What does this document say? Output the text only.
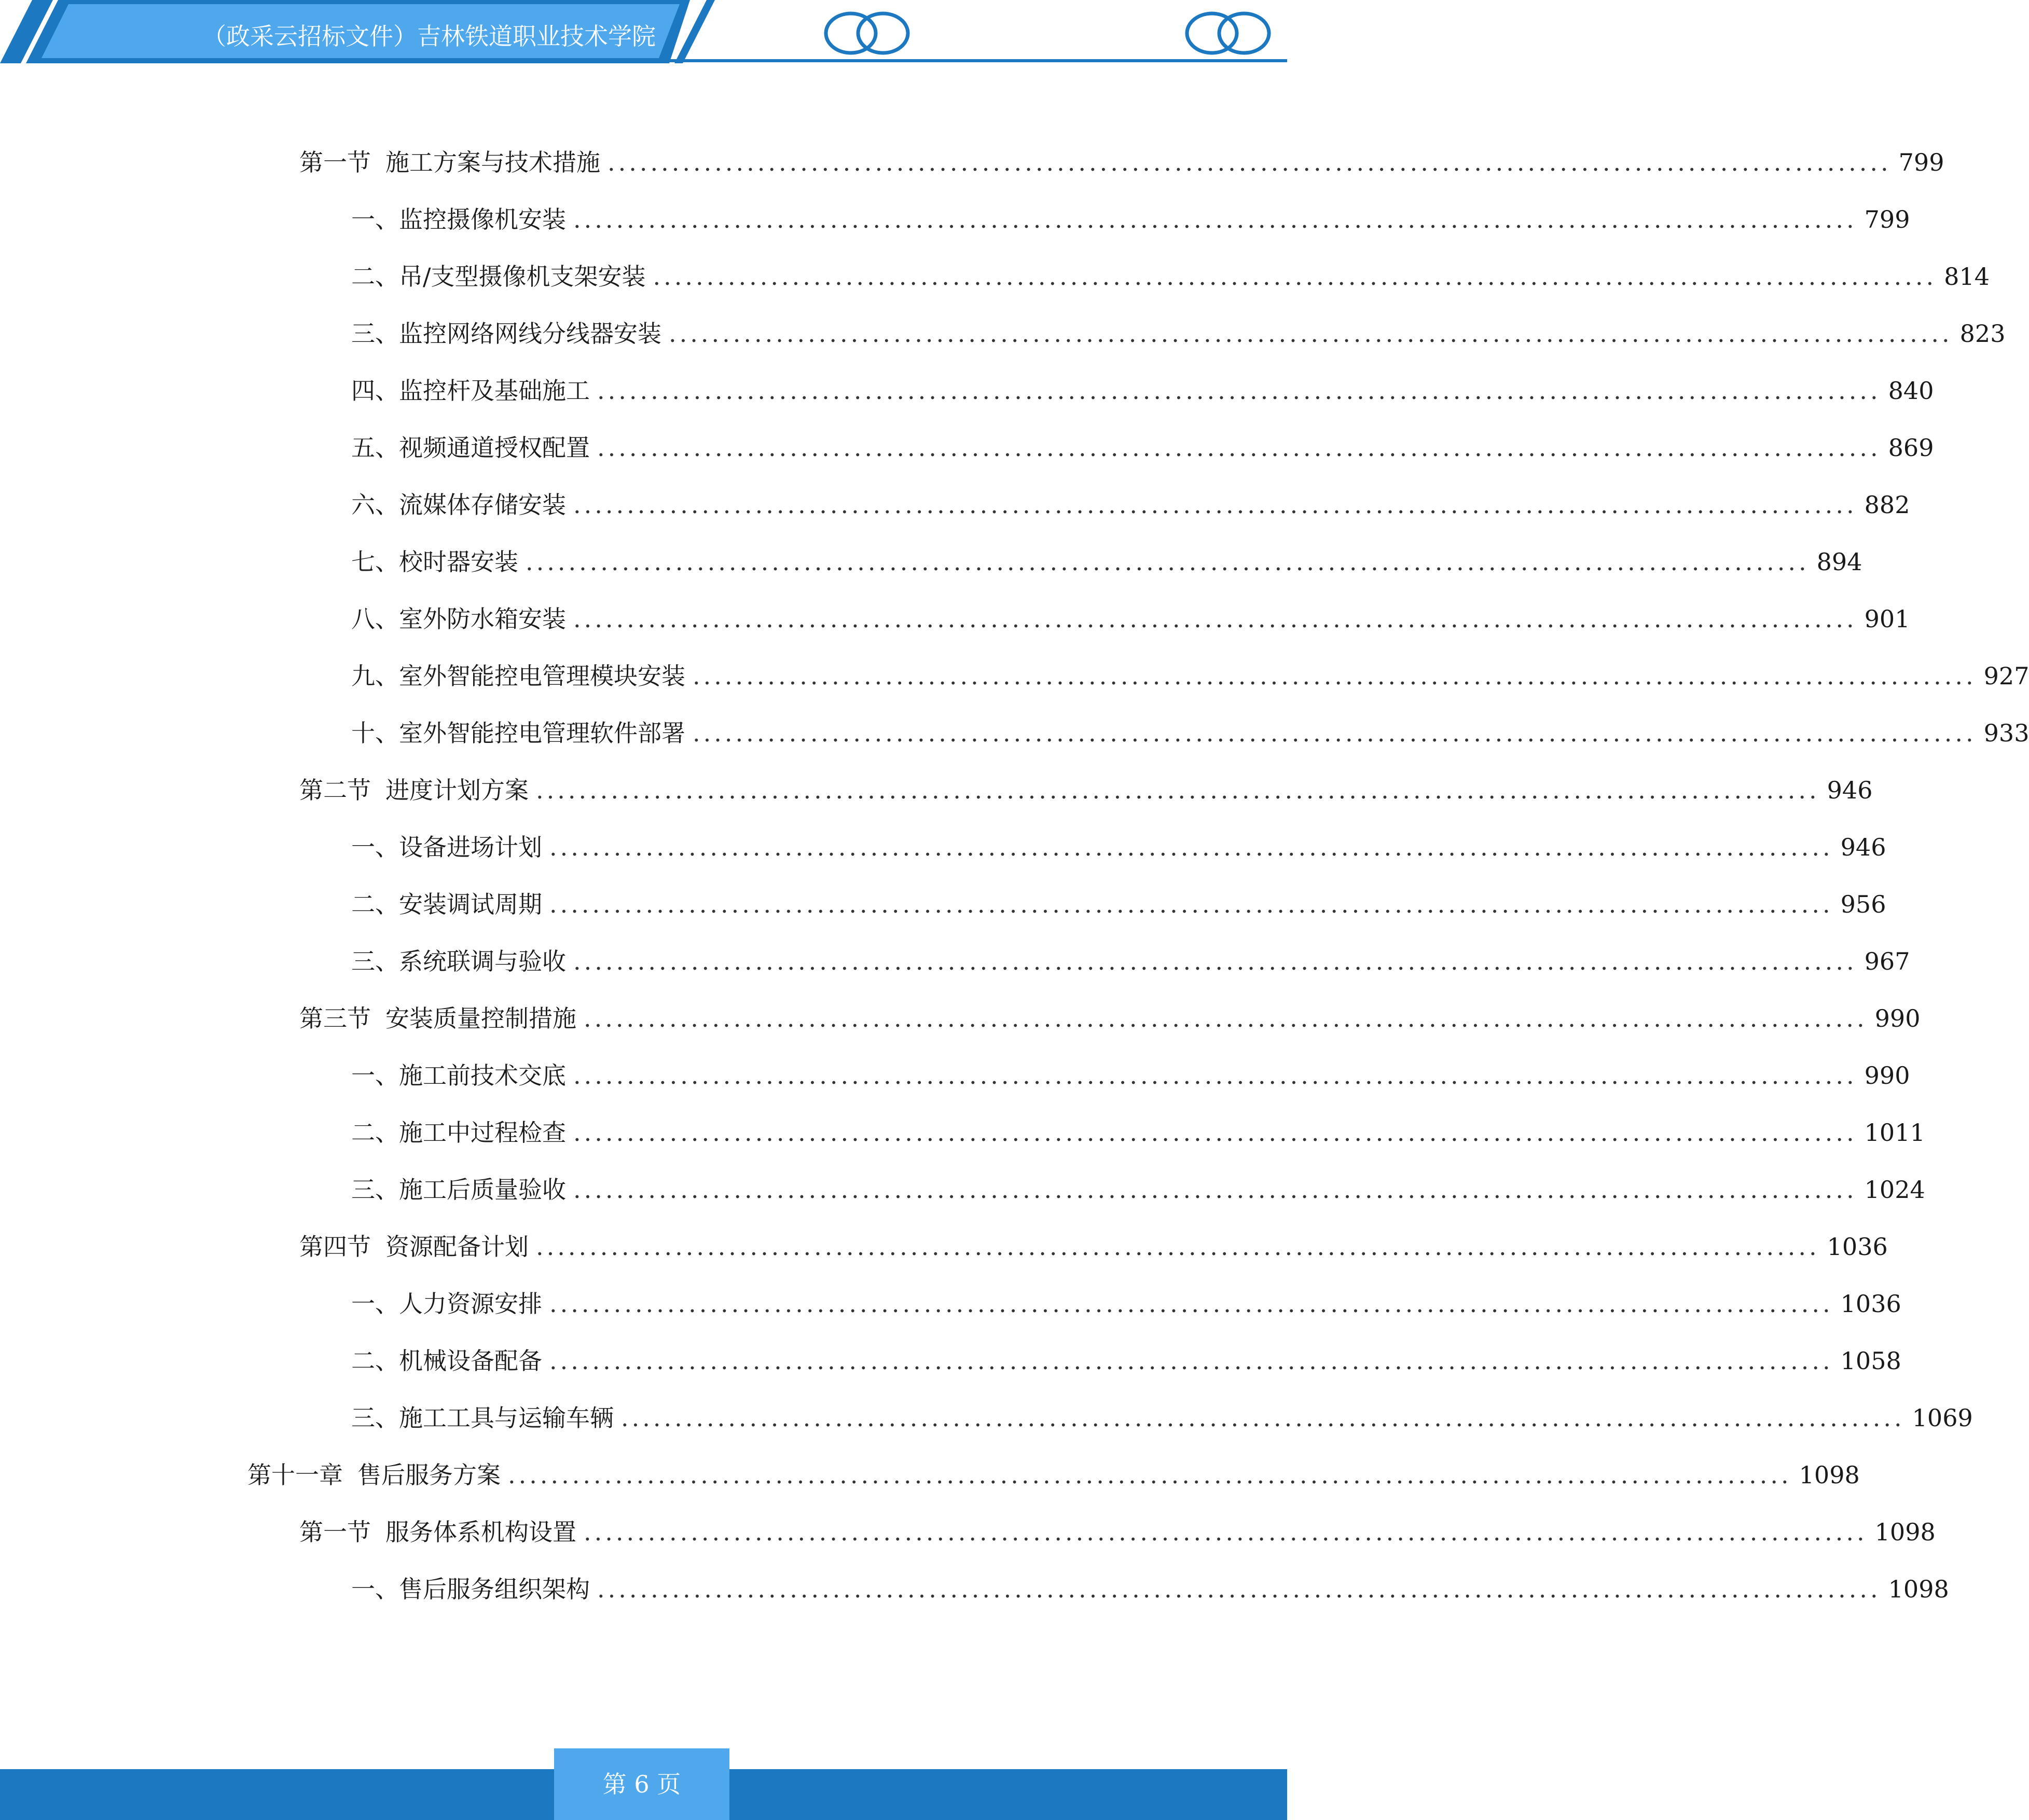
（政采云招标文件）吉林铁道职业技术学院
第一节 施工方案与技术措施 ........................................................................................................................ 799
一、 监控摄像机安装 ........................................................................................................................ 799
二、 吊/支型摄像机支架安装 ........................................................................................................................ 814
三、 监控网络网线分线器安装 ........................................................................................................................ 823
四、 监控杆及基础施工 ........................................................................................................................ 840
五、 视频通道授权配置 ........................................................................................................................ 869
六、 流媒体存储安装 ........................................................................................................................ 882
七、 校时器安装 ........................................................................................................................ 894
八、 室外防水箱安装 ........................................................................................................................ 901
九、 室外智能控电管理模块安装 ........................................................................................................................ 927
十、 室外智能控电管理软件部署 ........................................................................................................................ 933
第二节 进度计划方案 ........................................................................................................................ 946
一、 设备进场计划 ........................................................................................................................ 946
二、 安装调试周期 ........................................................................................................................ 956
三、 系统联调与验收 ........................................................................................................................ 967
第三节 安装质量控制措施 ........................................................................................................................ 990
一、 施工前技术交底 ........................................................................................................................ 990
二、 施工中过程检查 ........................................................................................................................ 1011
三、 施工后质量验收 ........................................................................................................................ 1024
第四节 资源配备计划 ........................................................................................................................ 1036
一、 人力资源安排 ........................................................................................................................ 1036
二、 机械设备配备 ........................................................................................................................ 1058
三、 施工工具与运输车辆 ........................................................................................................................ 1069
第十一章 售后服务方案 ........................................................................................................................ 1098
第一节 服务体系机构设置 ........................................................................................................................ 1098
一、 售后服务组织架构 ........................................................................................................................ 1098
第 6 页
